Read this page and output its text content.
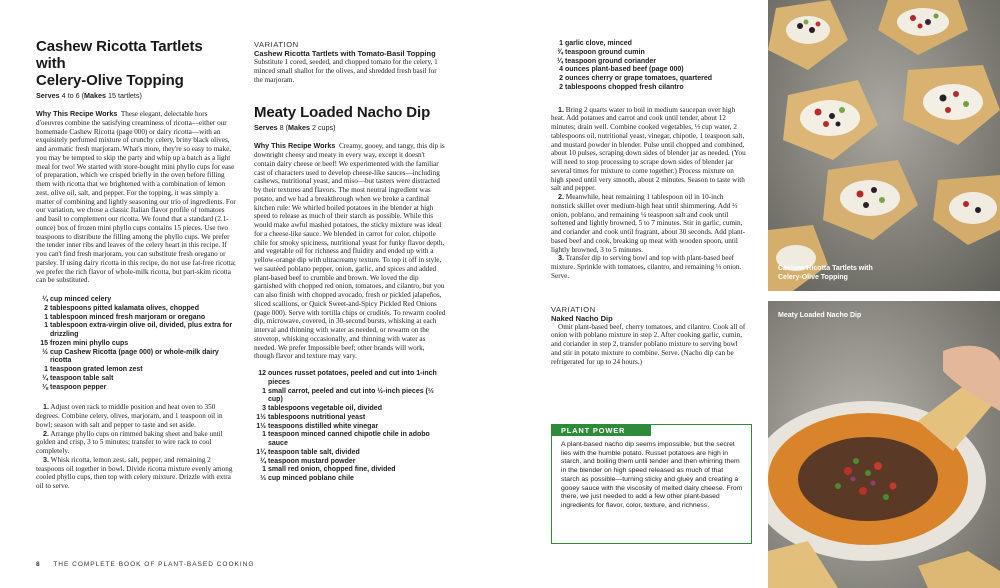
Cashew Ricotta Tartlets with
Celery-Olive Topping

Serves 4 to 6 (Makes 15 tartlets)

Why This Recipe Works These elegant, delectable hors d'oeuvres combine the satisfying creaminess of ricotta—either our homemade Cashew Ricotta (page 000) or dairy ricotta—with an exquisitely perfumed mixture of crunchy celery, briny black olives, and aromatic fresh marjoram. What's more, they're so easy to make, you may be tempted to skip the party and whip up a batch as a light meal for two! We started with store-bought mini phyllo cups for ease of preparation, which we crisped briefly in the oven before filling them with ricotta that we brightened with a combination of lemon zest, olive oil, salt, and pepper. For the topping, it was simply a matter of combining and lightly seasoning our trio of ingredients. For our variation, we chose a classic Italian flavor profile of tomatoes and basil to complement our ricotta. We found that a standard (2.1-ounce) box of frozen mini phyllo cups contains 15 pieces. Use two teaspoons to distribute the filling among the phyllo cups. We prefer the tender inner ribs and leaves of the celery heart in this recipe. If you can't find fresh marjoram, you can substitute fresh oregano or parsley. If using dairy ricotta in this recipe, do not use fat-free ricotta; we prefer the rich flavor of whole-milk ricotta, but part-skim ricotta can be substituted.

¼ cup minced celery
2 tablespoons pitted kalamata olives, chopped
1 tablespoon minced fresh marjoram or oregano
1 tablespoon extra-virgin olive oil, divided, plus extra for drizzling
15 frozen mini phyllo cups
½ cup Cashew Ricotta (page 000) or whole-milk dairy ricotta
1 teaspoon grated lemon zest
¼ teaspoon table salt
⅛ teaspoon pepper

1. Adjust oven rack to middle position and heat oven to 350 degrees. Combine celery, olives, marjoram, and 1 teaspoon oil in bowl; season with salt and pepper to taste and set aside.

2. Arrange phyllo cups on rimmed baking sheet and bake until golden and crisp, 3 to 5 minutes; transfer to wire rack to cool completely.

3. Whisk ricotta, lemon zest, salt, pepper, and remaining 2 teaspoons oil together in bowl. Divide ricotta mixture evenly among cooled phyllo cups, then top with celery mixture. Drizzle with extra oil to serve.

8 THE COMPLETE BOOK OF PLANT-BASED COOKING

VARIATION

Cashew Ricotta Tartlets with Tomato-Basil Topping

Substitute 1 cored, seeded, and chopped tomato for the celery, 1 minced small shallot for the olives, and shredded fresh basil for the marjoram.

Meaty Loaded Nacho Dip

Serves 8 (Makes 2 cups)

Why This Recipe Works Creamy, gooey, and tangy, this dip is downright cheesy and meaty in every way, except it doesn't contain dairy cheese or beef! We experimented with the familiar cast of characters used to develop cheese-like sauces—including cashews, nutritional yeast, and miso—but tasters were distracted by their textures and flavors. The most neutral ingredient was potato, and we had a breakthrough when we broke a cardinal kitchen rule: We whirled boiled potatoes in the blender at high speed to release as much of their starch as possible. While this would make awful mashed potatoes, the sticky mixture was ideal for a cheese-like sauce. We blended in carrot for color, chipotle chile for smoky spiciness, nutritional yeast for funky flavor depth, and vegetable oil for richness and fluidity and ended up with a yellow-orange dip with ultracreamy texture. To top it off in style, we sautéed poblano pepper, onion, garlic, and spices and added plant-based beef to crumble and brown. We loved the dip garnished with chopped red onion, tomatoes, and cilantro, but you can also finish with chopped avocado, fresh or pickled jalapeños, sliced scallions, or Quick Sweet-and-Spicy Pickled Red Onions (page 000). Serve with tortilla chips or crudités. To rewarm cooled dip, microwave, covered, in 30-second bursts, whisking at each interval and thinning with water as needed, or rewarm on the stovetop, whisking occasionally, and thinning with water as needed. We prefer Impossible beef; other brands will work, though flavor and texture may vary.

12 ounces russet potatoes, peeled and cut into 1-inch pieces
1 small carrot, peeled and cut into ½-inch pieces (⅓ cup)
3 tablespoons vegetable oil, divided
1½ tablespoons nutritional yeast
1½ teaspoons distilled white vinegar
1 teaspoon minced canned chipotle chile in adobo sauce
1¼ teaspoon table salt, divided
¼ teaspoon mustard powder
1 small red onion, chopped fine, divided
⅓ cup minced poblano chile
1 garlic clove, minced
¾ teaspoon ground cumin
¼ teaspoon ground coriander
4 ounces plant-based beef (page 000)
2 ounces cherry or grape tomatoes, quartered
2 tablespoons chopped fresh cilantro

1. Bring 2 quarts water to boil in medium saucepan over high heat. Add potatoes and carrot and cook until tender, about 12 minutes; drain well. Combine cooked vegetables, ⅓ cup water, 2 tablespoons oil, nutritional yeast, vinegar, chipotle, 1 teaspoon salt, and mustard powder in blender. Pulse until chopped and combined, about 10 pulses, scraping down sides of blender jar as needed. (You will need to stop processing to scrape down sides of blender jar several times for mixture to come together.) Process mixture on high speed until very smooth, about 2 minutes. Season to taste with salt and pepper.

2. Meanwhile, heat remaining 1 tablespoon oil in 10-inch nonstick skillet over medium-high heat until shimmering. Add ⅔ onion, poblano, and remaining ¼ teaspoon salt and cook until softened and lightly browned, 5 to 7 minutes. Stir in garlic, cumin, and coriander and cook until fragrant, about 30 seconds. Add plant-based beef and cook, breaking up meat with wooden spoon, until lightly browned, 3 to 5 minutes.

3. Transfer dip to serving bowl and top with plant-based beef mixture. Sprinkle with tomatoes, cilantro, and remaining ⅓ onion. Serve.

VARIATION

Naked Nacho Dip

Omit plant-based beef, cherry tomatoes, and cilantro. Cook all of onion with poblano mixture in step 2. After cooking garlic, cumin, and coriander in step 2, transfer poblano mixture to serving bowl and stir in potato mixture to combine. Serve. (Nacho dip can be refrigerated for up to 24 hours.)

PLANT POWER
A plant-based nacho dip seems impossible, but the secret lies with the humble potato. Russet potatoes are high in starch, and boiling them until tender and then whirring them in the blender on high speed released as much of that starch as possible—turning sticky and gluey and creating a gooey sauce with the viscosity of melted dairy cheese. From there, we just needed to add a few other plant-based ingredients for flavor, color, texture, and richness.
Cashew Ricotta Tartlets with
Celery-Olive Topping
Meaty Loaded Nacho Dip
